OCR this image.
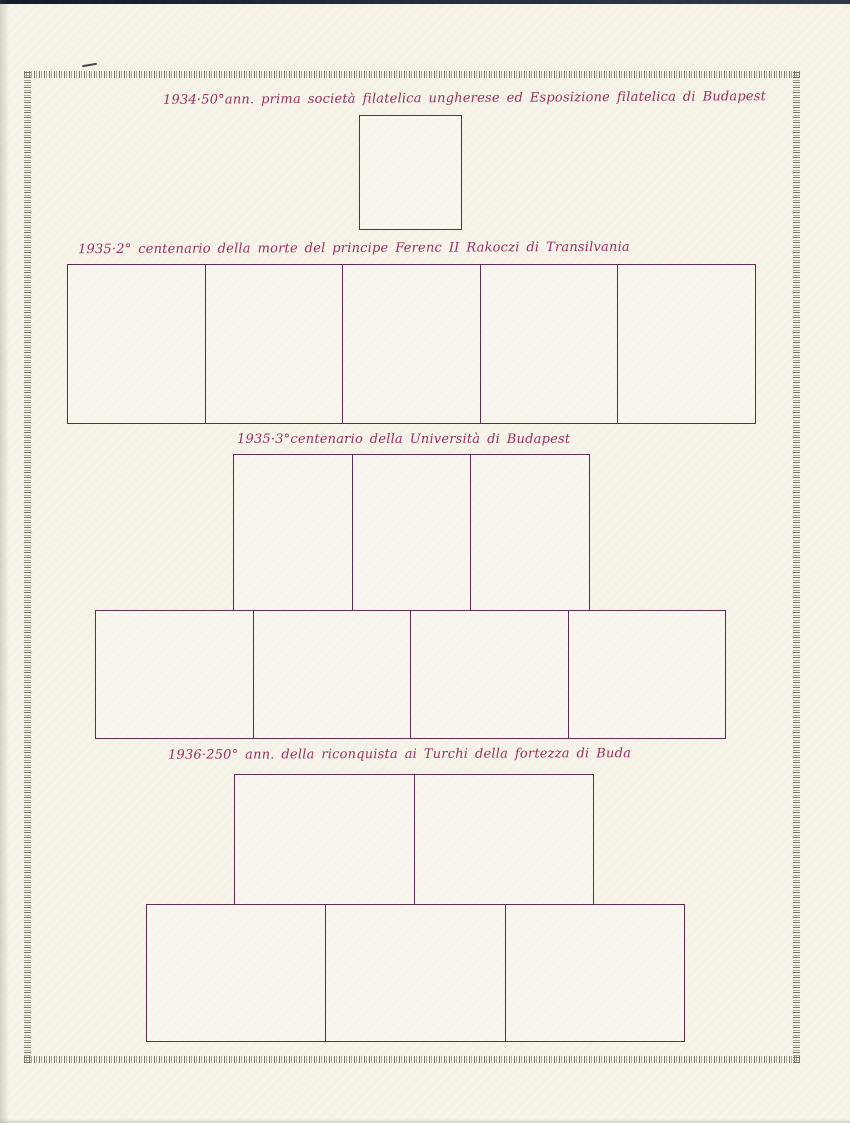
1934·50°ann. prima società filatelica ungherese ed Esposizione filatelica di Budapest
1935·2° centenario della morte del principe Ferenc II Rakoczi di Transilvania
1935·3°centenario della Università di Budapest
1936·250° ann. della riconquista ai Turchi della fortezza di Buda
